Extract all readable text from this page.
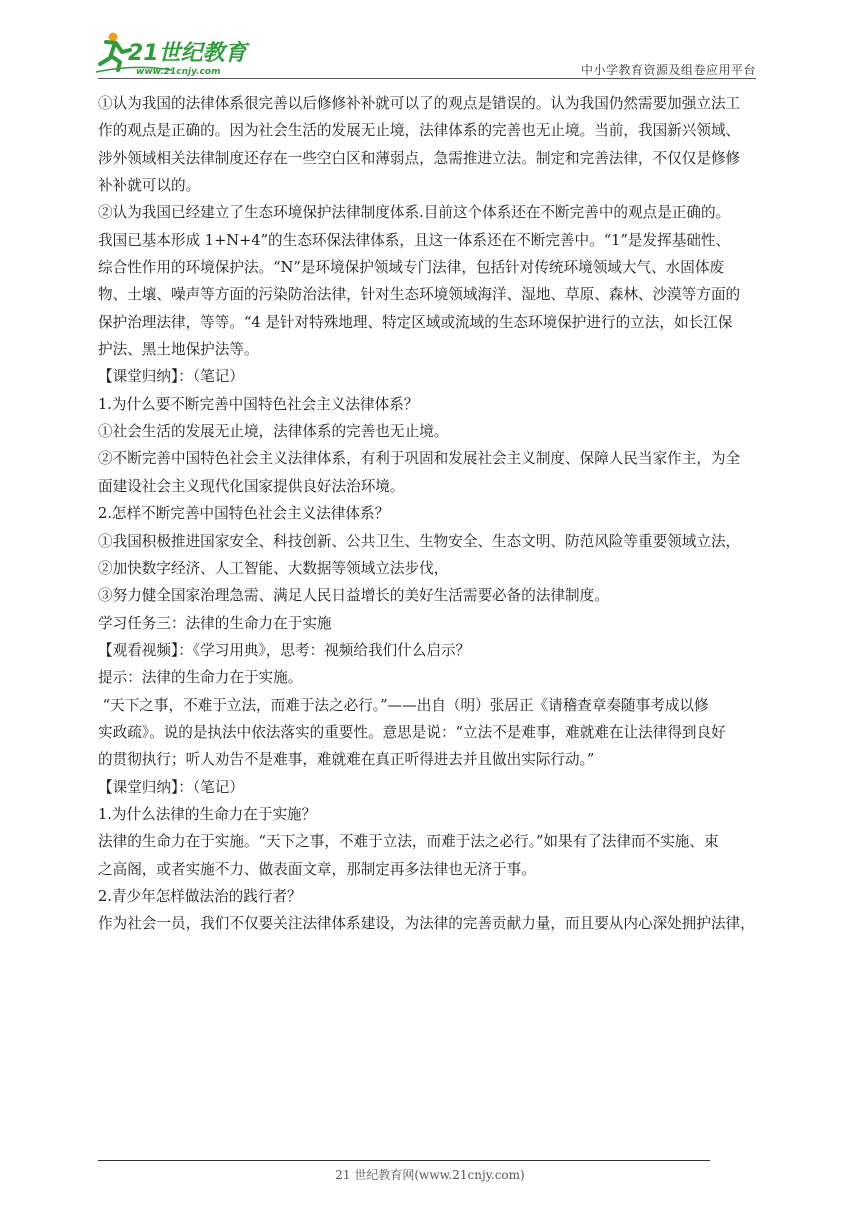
21世纪教育
www.21cnjy.com	中小学教育资源及组卷应用平台

①认为我国的法律体系很完善以后修修补补就可以了的观点是错误的。认为我国仍然需要加强立法工

作的观点是正确的。因为社会生活的发展无止境，法律体系的完善也无止境。当前，我国新兴领域、

涉外领域相关法律制度还存在一些空白区和薄弱点，急需推进立法。制定和完善法律，不仅仅是修修

补补就可以的。

②认为我国已经建立了生态环境保护法律制度体系.目前这个体系还在不断完善中的观点是正确的。

我国已基本形成 1+N+4”的生态环保法律体系，且这一体系还在不断完善中。“1”是发挥基础性、

综合性作用的环境保护法。“N”是环境保护领域专门法律，包括针对传统环境领域大气、水固体废

物、土壤、噪声等方面的污染防治法律，针对生态环境领域海洋、湿地、草原、森林、沙漠等方面的

保护治理法律，等等。“4 是针对特殊地理、特定区域或流域的生态环境保护进行的立法，如长江保

护法、黑土地保护法等。

【课堂归纳】：（笔记）

1.为什么要不断完善中国特色社会主义法律体系？

①社会生活的发展无止境，法律体系的完善也无止境。

②不断完善中国特色社会主义法律体系，有利于巩固和发展社会主义制度、保障人民当家作主，为全

面建设社会主义现代化国家提供良好法治环境。

2.怎样不断完善中国特色社会主义法律体系？

①我国积极推进国家安全、科技创新、公共卫生、生物安全、生态文明、防范风险等重要领域立法，

②加快数字经济、人工智能、大数据等领域立法步伐，

③努力健全国家治理急需、满足人民日益增长的美好生活需要必备的法律制度。

学习任务三：法律的生命力在于实施

【观看视频】：《学习用典》，思考：视频给我们什么启示？

提示：法律的生命力在于实施。

“天下之事，不难于立法，而难于法之必行。”——出自（明）张居正《请稽查章奏随事考成以修

实政疏》。说的是执法中依法落实的重要性。意思是说：“立法不是难事，难就难在让法律得到良好

的贯彻执行；听人劝告不是难事，难就难在真正听得进去并且做出实际行动。”

【课堂归纳】：（笔记）

1.为什么法律的生命力在于实施？

法律的生命力在于实施。“天下之事，不难于立法，而难于法之必行。”如果有了法律而不实施、束

之高阁，或者实施不力、做表面文章，那制定再多法律也无济于事。

2.青少年怎样做法治的践行者？

作为社会一员，我们不仅要关注法律体系建设，为法律的完善贡献力量，而且要从内心深处拥护法律，

21 世纪教育网(www.21cnjy.com)
